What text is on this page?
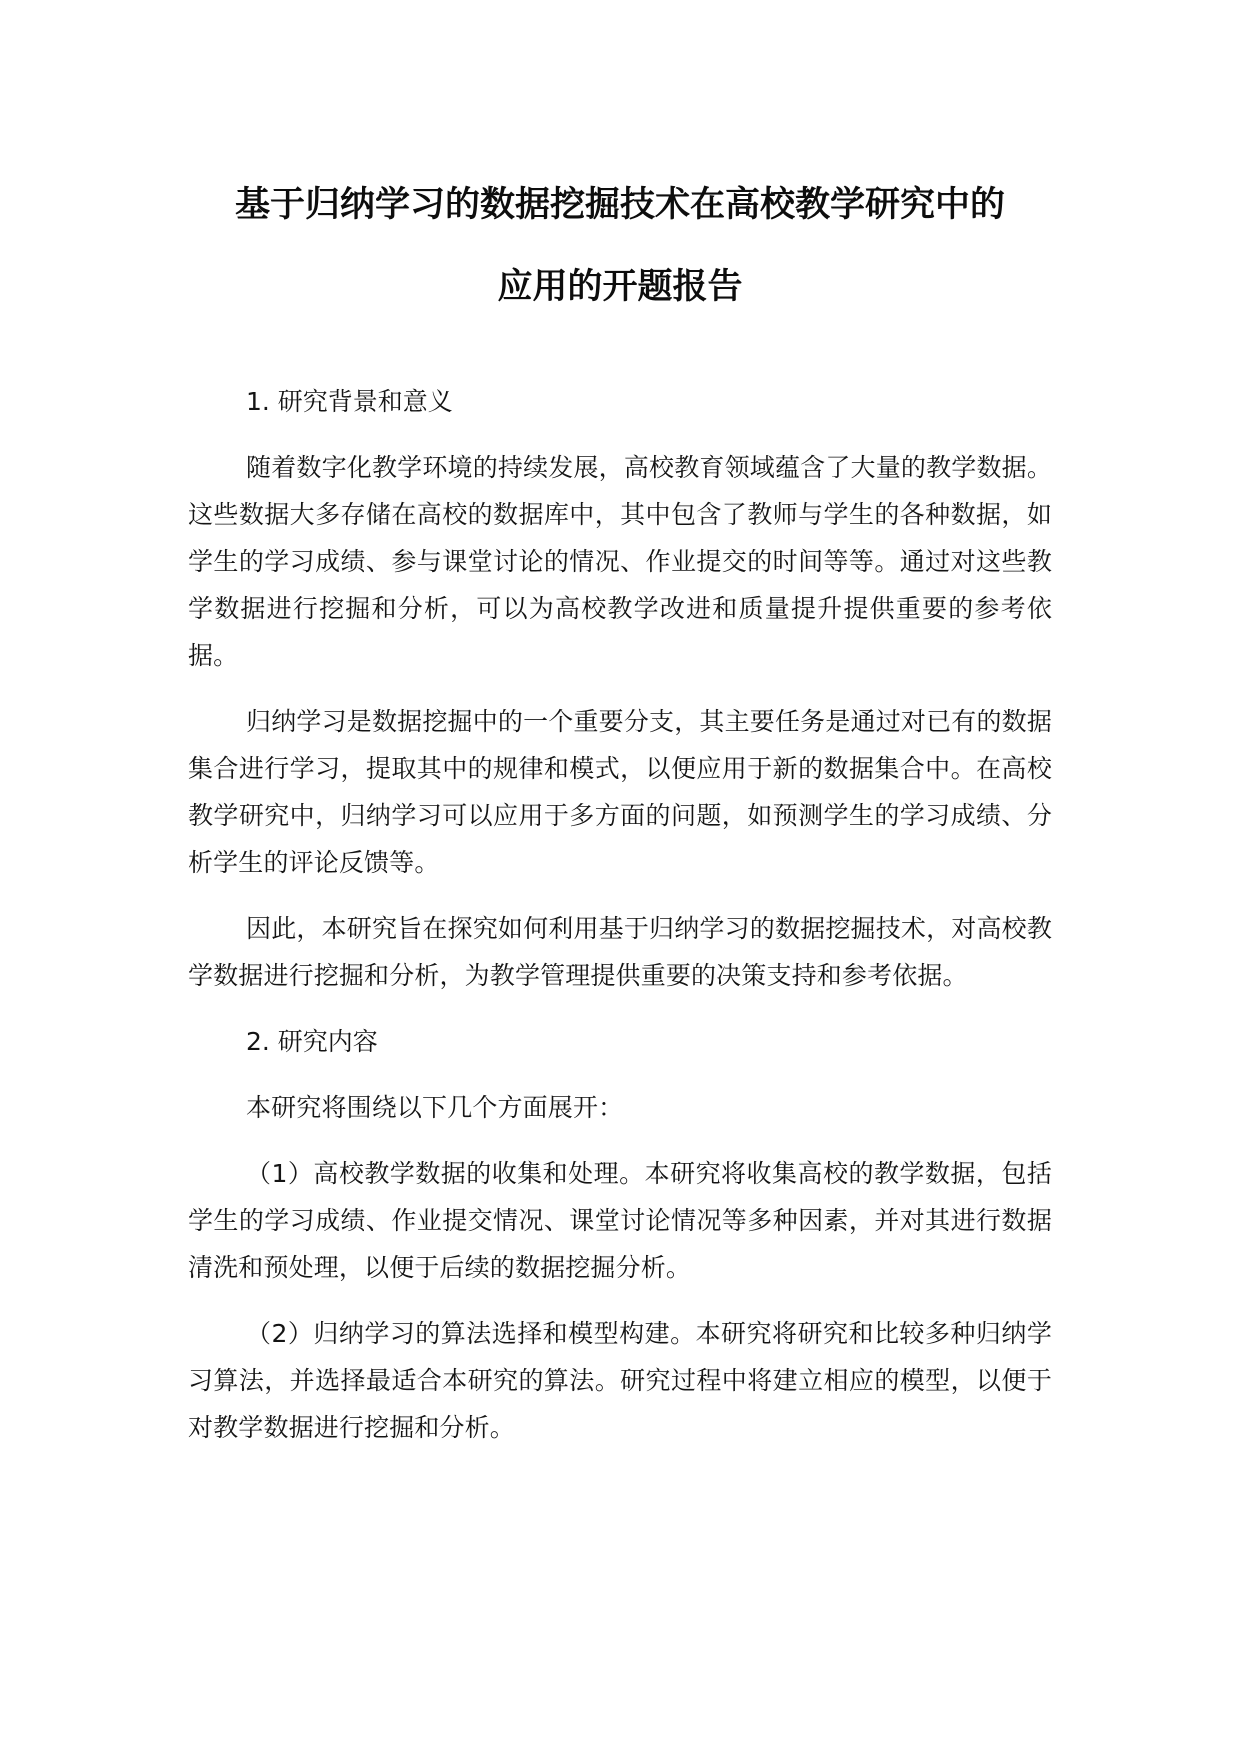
基于归纳学习的数据挖掘技术在高校教学研究中的
应用的开题报告
1. 研究背景和意义

随着数字化教学环境的持续发展，高校教育领域蕴含了大量的教学数据。这些数据大多存储在高校的数据库中，其中包含了教师与学生的各种数据，如学生的学习成绩、参与课堂讨论的情况、作业提交的时间等等。通过对这些教学数据进行挖掘和分析，可以为高校教学改进和质量提升提供重要的参考依据。

归纳学习是数据挖掘中的一个重要分支，其主要任务是通过对已有的数据集合进行学习，提取其中的规律和模式，以便应用于新的数据集合中。在高校教学研究中，归纳学习可以应用于多方面的问题，如预测学生的学习成绩、分析学生的评论反馈等。

因此，本研究旨在探究如何利用基于归纳学习的数据挖掘技术，对高校教学数据进行挖掘和分析，为教学管理提供重要的决策支持和参考依据。

2. 研究内容

本研究将围绕以下几个方面展开：

（1）高校教学数据的收集和处理。本研究将收集高校的教学数据，包括学生的学习成绩、作业提交情况、课堂讨论情况等多种因素，并对其进行数据清洗和预处理，以便于后续的数据挖掘分析。

（2）归纳学习的算法选择和模型构建。本研究将研究和比较多种归纳学习算法，并选择最适合本研究的算法。研究过程中将建立相应的模型，以便于对教学数据进行挖掘和分析。
